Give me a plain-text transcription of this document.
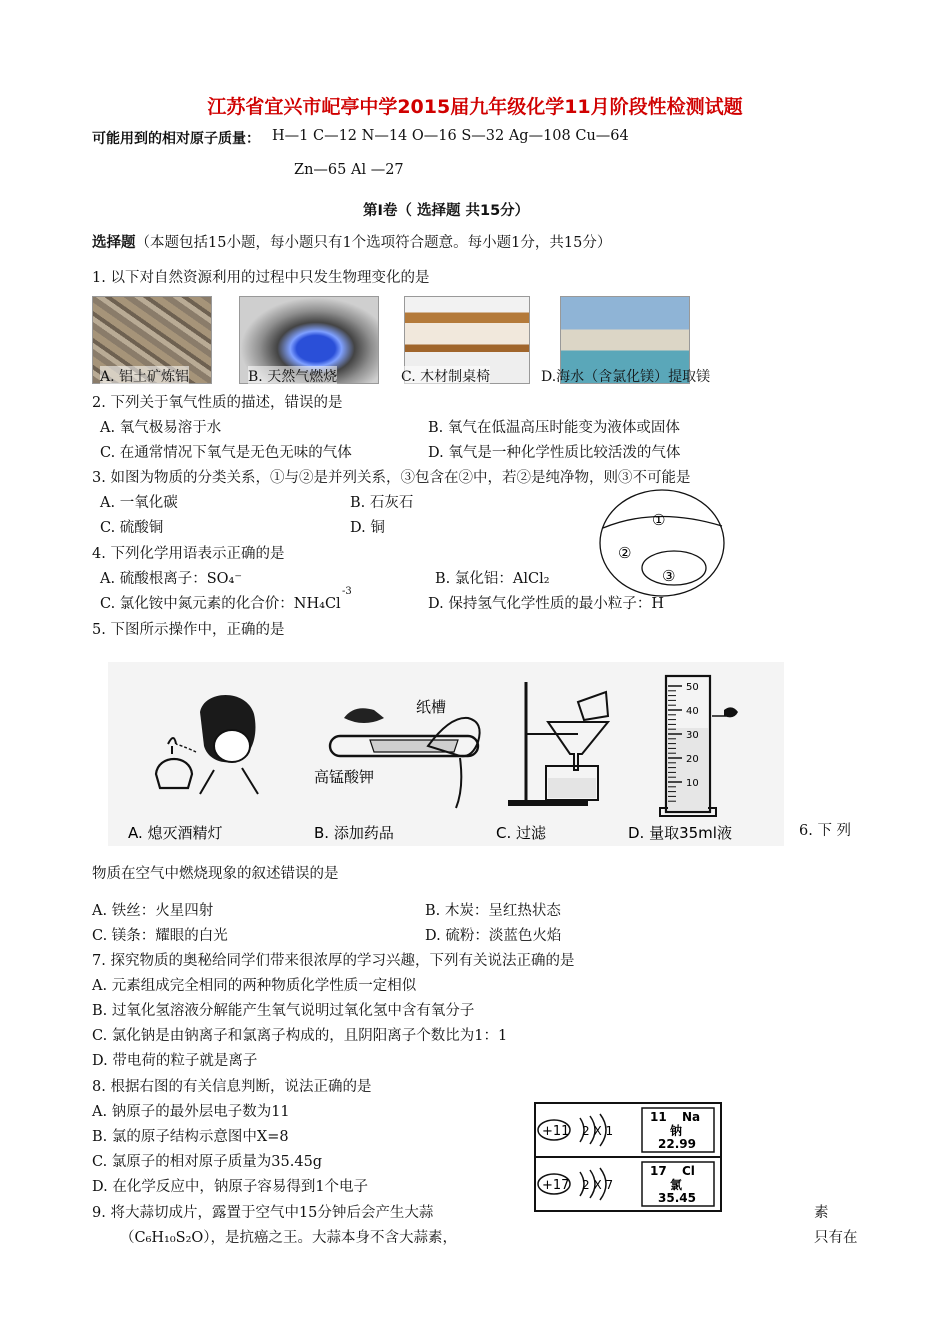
江苏省宜兴市屺亭中学2015届九年级化学11月阶段性检测试题
可能用到的相对原子质量： H—1 C—12 N—14 O—16 S—32 Ag—108 Cu—64
Zn—65 Al —27
第Ⅰ卷（ 选择题 共15分）
选择题（本题包括15小题，每小题只有1个选项符合题意。每小题1分，共15分）
1. 以下对自然资源利用的过程中只发生物理变化的是
A. 铝土矿炼铝	B. 天然气燃烧	C. 木材制桌椅	D.海水（含氯化镁）提取镁
2. 下列关于氧气性质的描述，错误的是
A. 氧气极易溶于水	B. 氧气在低温高压时能变为液体或固体
C. 在通常情况下氧气是无色无味的气体	D. 氧气是一种化学性质比较活泼的气体
3. 如图为物质的分类关系，①与②是并列关系，③包含在②中，若②是纯净物，则③不可能是
A. 一氧化碳	B. 石灰石
C. 硫酸铜	D. 铜	①
②
③
4. 下列化学用语表示正确的是
A. 硫酸根离子：SO₄⁻	B. 氯化铝：AlCl₂
C. 氯化铵中氮元素的化合价：NH₄Cl
-3
D. 保持氢气化学性质的最小粒子：H
5. 下图所示操作中，正确的是
A. 熄灭酒精灯
纸槽
高锰酸钾
B. 添加药品	C. 过滤
50
40
30
20
10
D. 量取35ml液	6. 下 列
物质在空气中燃烧现象的叙述错误的是
A. 铁丝：火星四射	B. 木炭：呈红热状态
C. 镁条：耀眼的白光	D. 硫粉：淡蓝色火焰
7. 探究物质的奥秘给同学们带来很浓厚的学习兴趣，下列有关说法正确的是
A. 元素组成完全相同的两种物质化学性质一定相似
B. 过氧化氢溶液分解能产生氧气说明过氧化氢中含有氧分子
C. 氯化钠是由钠离子和氯离子构成的，且阴阳离子个数比为1：1
D. 带电荷的粒子就是离子
8. 根据右图的有关信息判断，说法正确的是
A. 钠原子的最外层电子数为11
B. 氯的原子结构示意图中X=8
C. 氯原子的相对原子质量为35.45g
D. 在化学反应中，钠原子容易得到1个电子
+11 2 X 1
11 Na
钠
22.99
+17 2 X 7
17 Cl
氯
35.45
9. 将大蒜切成片，露置于空气中15分钟后会产生大蒜	素
（C₆H₁₀S₂O），是抗癌之王。大蒜本身不含大蒜素，	只有在
